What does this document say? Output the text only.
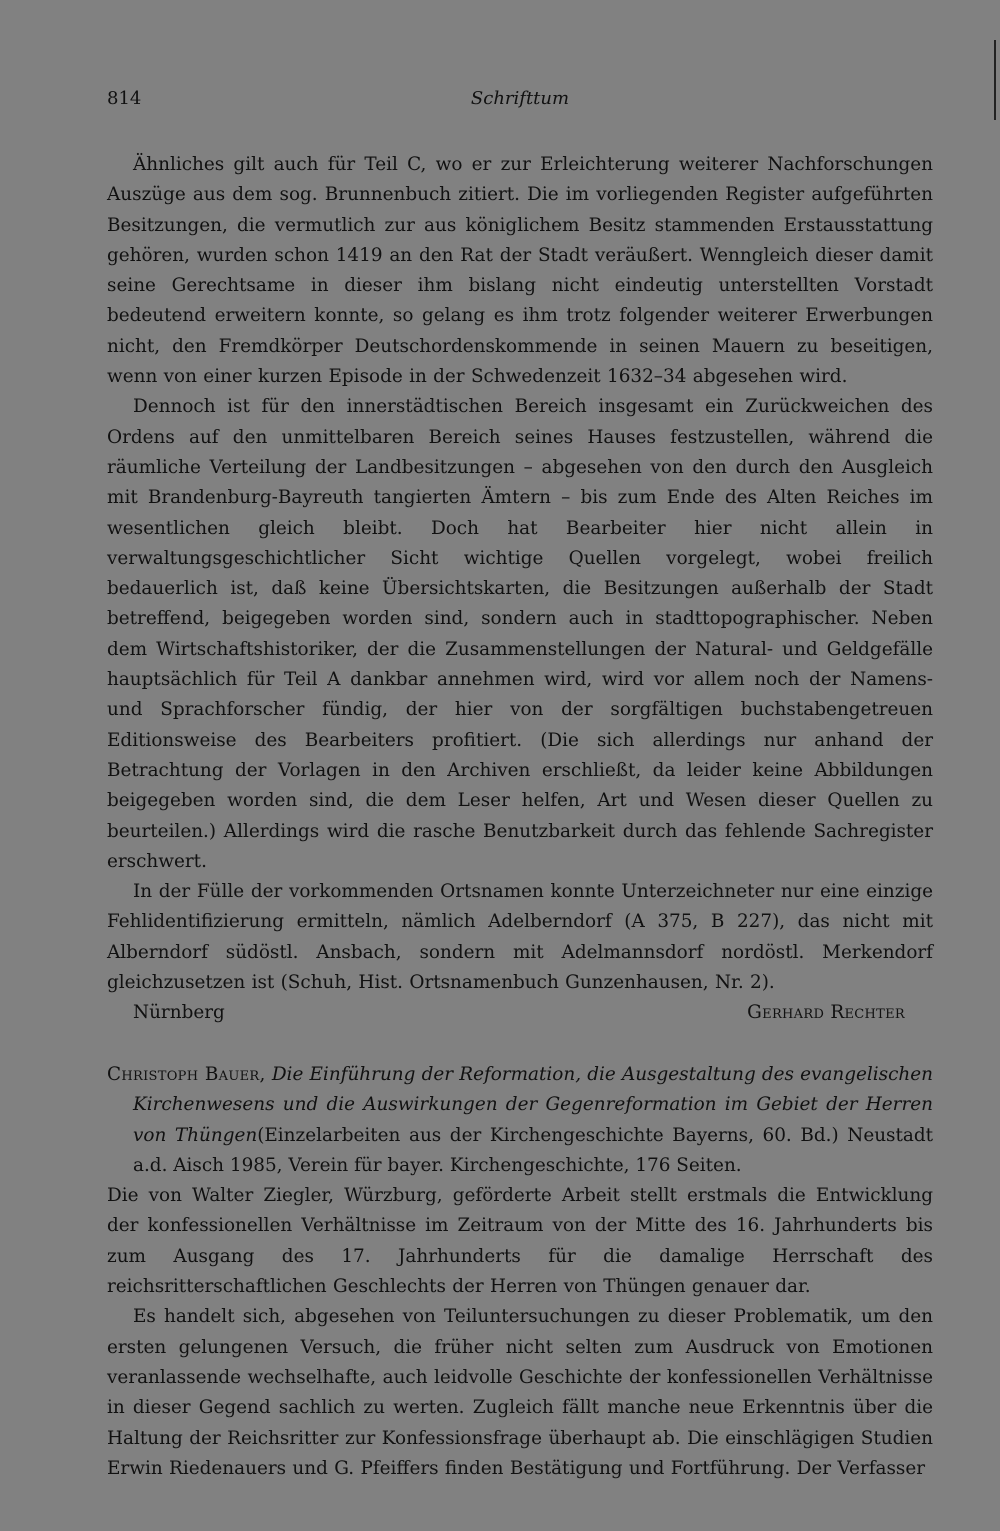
814	Schrifttum

Ähnliches gilt auch für Teil C, wo er zur Erleichterung weiterer Nachforschungen Auszüge aus dem sog. Brunnenbuch zitiert. Die im vorliegenden Register aufgeführten Besitzungen, die vermutlich zur aus königlichem Besitz stammenden Erstausstattung gehören, wurden schon 1419 an den Rat der Stadt veräußert. Wenngleich dieser damit seine Gerechtsame in dieser ihm bislang nicht eindeutig unterstellten Vorstadt bedeutend erweitern konnte, so gelang es ihm trotz folgender weiterer Erwerbungen nicht, den Fremdkörper Deutschordenskommende in seinen Mauern zu beseitigen, wenn von einer kurzen Episode in der Schwedenzeit 1632–34 abgesehen wird.

Dennoch ist für den innerstädtischen Bereich insgesamt ein Zurückweichen des Ordens auf den unmittelbaren Bereich seines Hauses festzustellen, während die räumliche Verteilung der Landbesitzungen – abgesehen von den durch den Ausgleich mit Brandenburg-Bayreuth tangierten Ämtern – bis zum Ende des Alten Reiches im wesentlichen gleich bleibt. Doch hat Bearbeiter hier nicht allein in verwaltungsgeschichtlicher Sicht wichtige Quellen vorgelegt, wobei freilich bedauerlich ist, daß keine Übersichtskarten, die Besitzungen außerhalb der Stadt betreffend, beigegeben worden sind, sondern auch in stadttopographischer. Neben dem Wirtschaftshistoriker, der die Zusammenstellungen der Natural- und Geldgefälle hauptsächlich für Teil A dankbar annehmen wird, wird vor allem noch der Namens- und Sprachforscher fündig, der hier von der sorgfältigen buchstabengetreuen Editionsweise des Bearbeiters profitiert. (Die sich allerdings nur anhand der Betrachtung der Vorlagen in den Archiven erschließt, da leider keine Abbildungen beigegeben worden sind, die dem Leser helfen, Art und Wesen dieser Quellen zu beurteilen.) Allerdings wird die rasche Benutzbarkeit durch das fehlende Sachregister erschwert.

In der Fülle der vorkommenden Ortsnamen konnte Unterzeichneter nur eine einzige Fehlidentifizierung ermitteln, nämlich Adelberndorf (A 375, B 227), das nicht mit Alberndorf südöstl. Ansbach, sondern mit Adelmannsdorf nordöstl. Merkendorf gleichzusetzen ist (Schuh, Hist. Ortsnamenbuch Gunzenhausen, Nr. 2).

Nürnberg	Gerhard Rechter

Christoph Bauer, Die Einführung der Reformation, die Ausgestaltung des evangelischen Kirchenwesens und die Auswirkungen der Gegenreformation im Gebiet der Herren von Thüngen(Einzelarbeiten aus der Kirchengeschichte Bayerns, 60. Bd.) Neustadt a.d. Aisch 1985, Verein für bayer. Kirchengeschichte, 176 Seiten.

Die von Walter Ziegler, Würzburg, geförderte Arbeit stellt erstmals die Entwicklung der konfessionellen Verhältnisse im Zeitraum von der Mitte des 16. Jahrhunderts bis zum Ausgang des 17. Jahrhunderts für die damalige Herrschaft des reichsritterschaftlichen Geschlechts der Herren von Thüngen genauer dar.

Es handelt sich, abgesehen von Teiluntersuchungen zu dieser Problematik, um den ersten gelungenen Versuch, die früher nicht selten zum Ausdruck von Emotionen veranlassende wechselhafte, auch leidvolle Geschichte der konfessionellen Verhältnisse in dieser Gegend sachlich zu werten. Zugleich fällt manche neue Erkenntnis über die Haltung der Reichsritter zur Konfessionsfrage überhaupt ab. Die einschlägigen Studien Erwin Riedenauers und G. Pfeiffers finden Bestätigung und Fortführung. Der Verfasser
